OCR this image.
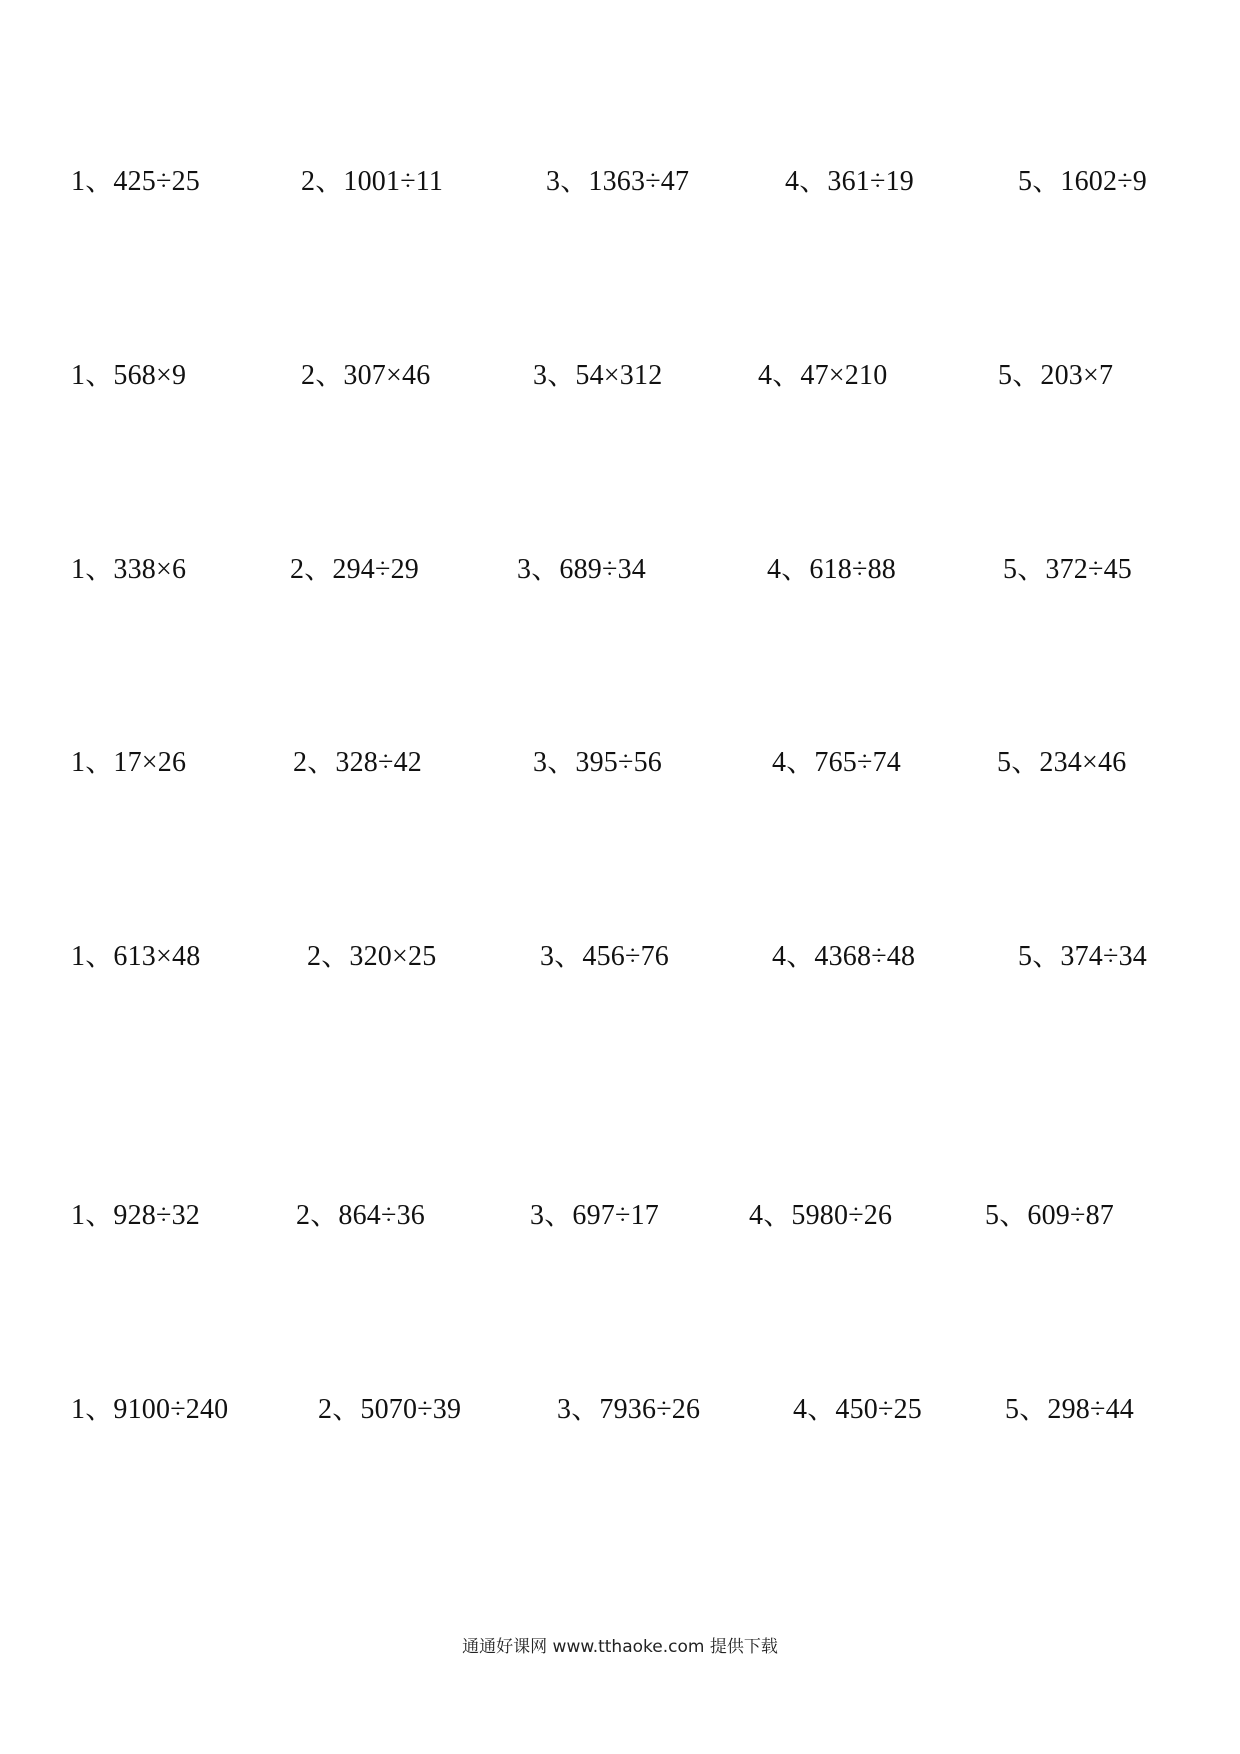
1、425÷25	2、1001÷11	3、1363÷47	4、361÷19	5、1602÷9
1、568×9	2、307×46	3、54×312	4、47×210	5、203×7
1、338×6	2、294÷29	3、689÷34	4、618÷88	5、372÷45
1、17×26	2、328÷42	3、395÷56	4、765÷74	5、234×46
1、613×48	2、320×25	3、456÷76	4、4368÷48	5、374÷34
1、928÷32	2、864÷36	3、697÷17	4、5980÷26	5、609÷87
1、9100÷240	2、5070÷39	3、7936÷26	4、450÷25	5、298÷44
通通好课网 www.tthaoke.com 提供下载
